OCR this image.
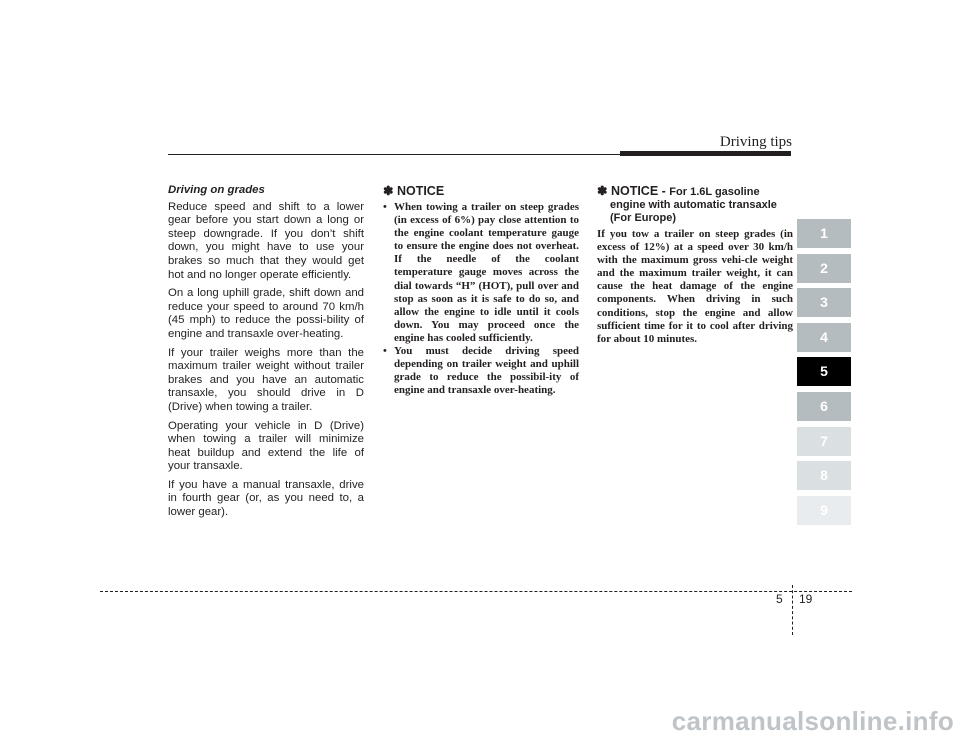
Driving tips

Driving on grades

Reduce speed and shift to a lower gear before you start down a long or steep downgrade. If you don’t shift down, you might have to use your brakes so much that they would get hot and no longer operate efficiently.

On a long uphill grade, shift down and reduce your speed to around 70 km/h (45 mph) to reduce the possi-bility of engine and transaxle over-heating.

If your trailer weighs more than the maximum trailer weight without trailer brakes and you have an automatic transaxle, you should drive in D (Drive) when towing a trailer.

Operating your vehicle in D (Drive) when towing a trailer will minimize heat buildup and extend the life of your transaxle.

If you have a manual transaxle, drive in fourth gear (or, as you need to, a lower gear).

✽ NOTICE

• When towing a trailer on steep grades (in excess of 6%) pay close attention to the engine coolant temperature gauge to ensure the engine does not overheat. If the needle of the coolant temperature gauge moves across the dial towards “H” (HOT), pull over and stop as soon as it is safe to do so, and allow the engine to idle until it cools down. You may proceed once the engine has cooled sufficiently.

• You must decide driving speed depending on trailer weight and uphill grade to reduce the possibil-ity of engine and transaxle over-heating.

✽ NOTICE - For 1.6L gasoline
engine with automatic transaxle
(For Europe)

If you tow a trailer on steep grades (in excess of 12%) at a speed over 30 km/h with the maximum gross vehi-cle weight and the maximum trailer weight, it can cause the heat damage of the engine components. When driving in such conditions, stop the engine and allow sufficient time for it to cool after driving for about 10 minutes.

1
2
3
4
5
6
7
8
9
5 19
carmanualsonline.info
